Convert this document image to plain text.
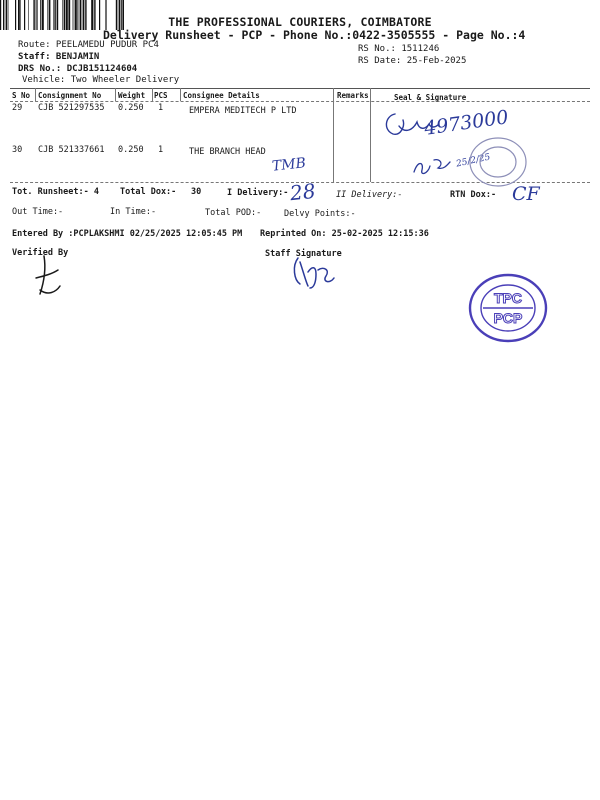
THE PROFESSIONAL COURIERS, COIMBATORE
Delivery Runsheet - PCP - Phone No.:0422-3505555 - Page No.:4
Route: PEELAMEDU PUDUR PC4
Staff: BENJAMIN
DRS No.: DCJB151124604
Vehicle: Two Wheeler Delivery
RS No.: 1511246
RS Date: 25-Feb-2025
S No Consignment No Weight PCS Consignee Details	Remarks	Seal & Signature
29 CJB 521297535 0.250 1	EMPERA MEDITECH P LTD
30 CJB 521337661 0.250 1	THE BRANCH HEAD
Tot. Runsheet:- 4 Total Dox:- 30	I Delivery:-	II Delivery:-	RTN Dox:-
Out Time:-	In Time:-	Total POD:-	Delvy Points:-
Entered By :PCPLAKSHMI 02/25/2025 12:05:45 PM Reprinted On: 25-02-2025 12:15:36
Verified By	Staff Signature
4973000
25/2/25
TMB
28	CF
TPC
PCP
